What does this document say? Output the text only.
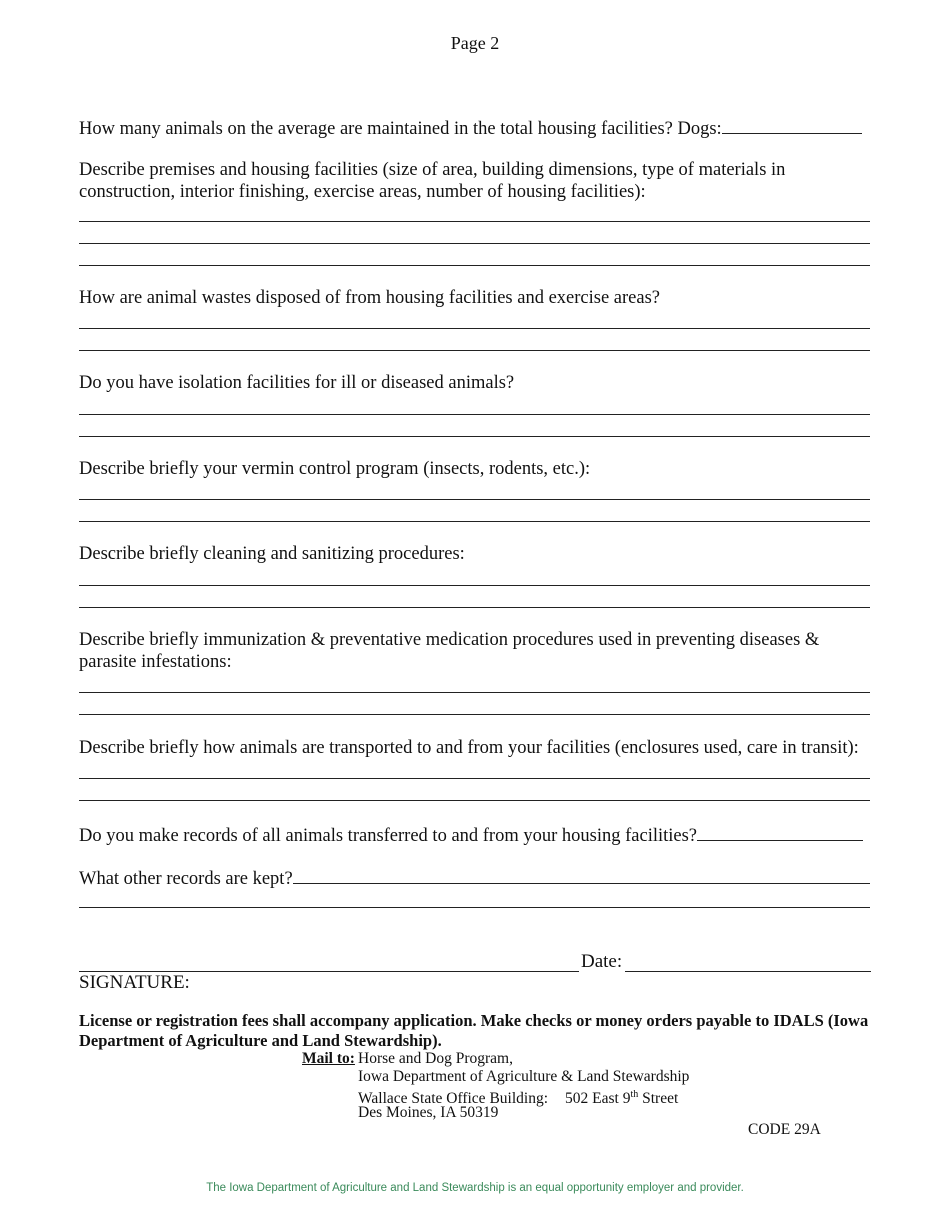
Page 2
How many animals on the average are maintained in the total housing facilities? Dogs:
Describe premises and housing facilities (size of area, building dimensions, type of materials in construction, interior finishing, exercise areas, number of housing facilities):
How are animal wastes disposed of from housing facilities and exercise areas?
Do you have isolation facilities for ill or diseased animals?
Describe briefly your vermin control program (insects, rodents, etc.):
Describe briefly cleaning and sanitizing procedures:
Describe briefly immunization & preventative medication procedures used in preventing diseases & parasite infestations:
Describe briefly how animals are transported to and from your facilities (enclosures used, care in transit):
Do you make records of all animals transferred to and from your housing facilities?
What other records are kept?
Date:
SIGNATURE:
License or registration fees shall accompany application. Make checks or money orders payable to IDALS (Iowa Department of Agriculture and Land Stewardship).
Mail to: Horse and Dog Program,
Iowa Department of Agriculture & Land Stewardship
Wallace State Office Building: 502 East 9th Street
Des Moines, IA 50319
CODE 29A
The Iowa Department of Agriculture and Land Stewardship is an equal opportunity employer and provider.
